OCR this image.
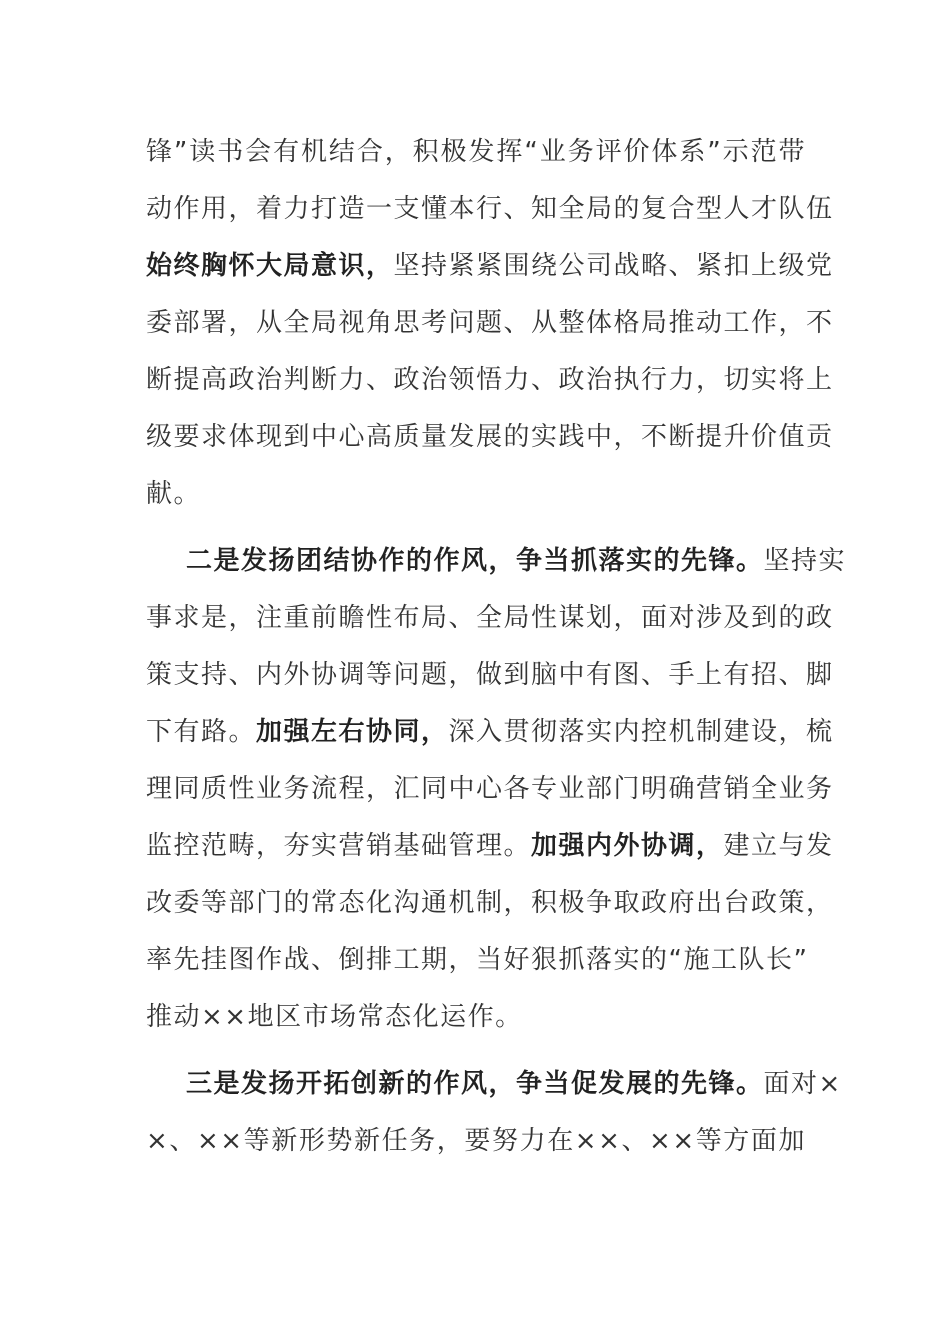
锋”读书会有机结合，积极发挥“业务评价体系”示范带
动作用，着力打造一支懂本行、知全局的复合型人才队伍
始终胸怀大局意识，坚持紧紧围绕公司战略、紧扣上级党
委部署，从全局视角思考问题、从整体格局推动工作，不
断提高政治判断力、政治领悟力、政治执行力，切实将上
级要求体现到中心高质量发展的实践中，不断提升价值贡
献。
二是发扬团结协作的作风，争当抓落实的先锋。坚持实
事求是，注重前瞻性布局、全局性谋划，面对涉及到的政
策支持、内外协调等问题，做到脑中有图、手上有招、脚
下有路。加强左右协同，深入贯彻落实内控机制建设，梳
理同质性业务流程，汇同中心各专业部门明确营销全业务
监控范畴，夯实营销基础管理。加强内外协调，建立与发
改委等部门的常态化沟通机制，积极争取政府出台政策，
率先挂图作战、倒排工期，当好狠抓落实的“施工队长”
推动××地区市场常态化运作。
三是发扬开拓创新的作风，争当促发展的先锋。面对×
×、××等新形势新任务，要努力在××、××等方面加
